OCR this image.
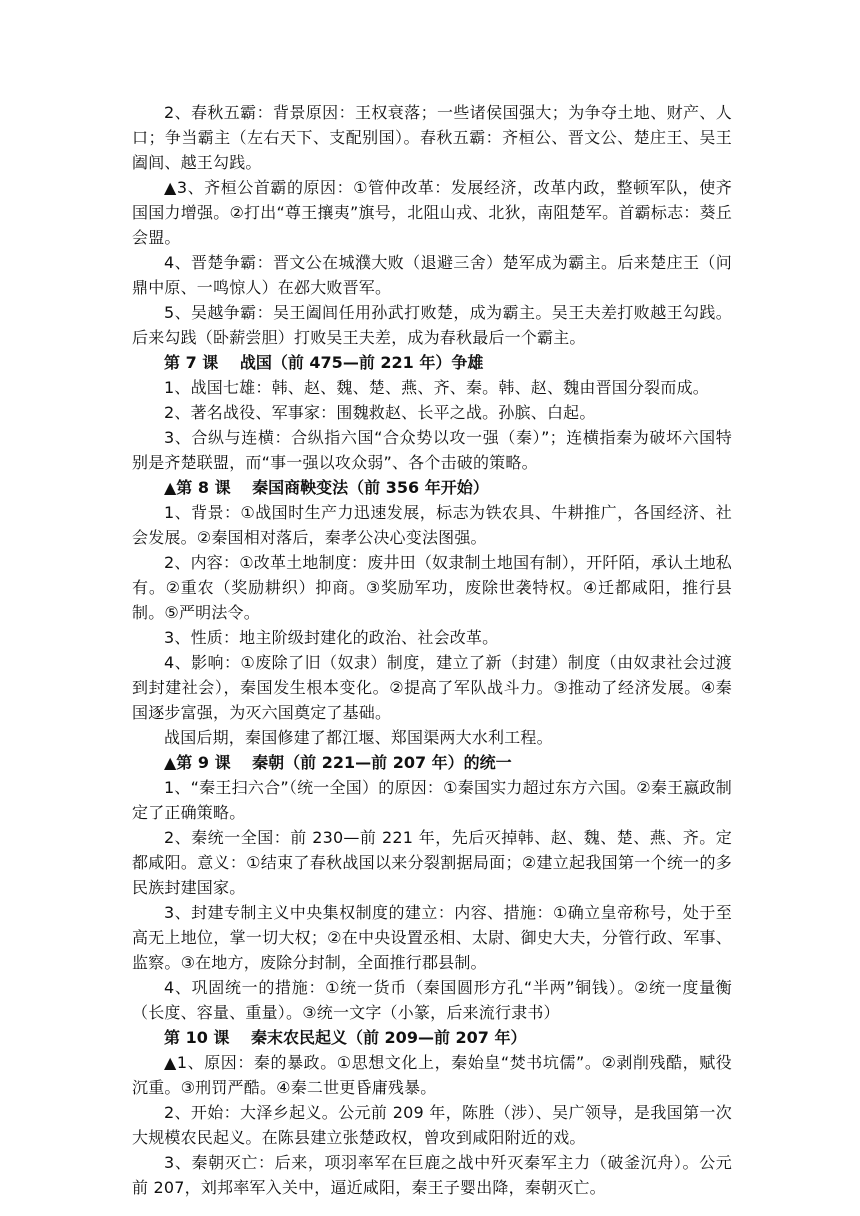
2、春秋五霸：背景原因：王权衰落；一些诸侯国强大；为争夺土地、财产、人口；争当霸主（左右天下、支配别国）。春秋五霸：齐桓公、晋文公、楚庄王、吴王阖闾、越王勾践。

▲3、齐桓公首霸的原因：①管仲改革：发展经济，改革内政，整顿军队，使齐国国力增强。②打出“尊王攘夷”旗号，北阻山戎、北狄，南阻楚军。首霸标志：葵丘会盟。

4、晋楚争霸：晋文公在城濮大败（退避三舍）楚军成为霸主。后来楚庄王（问鼎中原、一鸣惊人）在邲大败晋军。

5、吴越争霸：吴王阖闾任用孙武打败楚，成为霸主。吴王夫差打败越王勾践。后来勾践（卧薪尝胆）打败吴王夫差，成为春秋最后一个霸主。

第 7 课　 战国（前 475—前 221 年）争雄

1、战国七雄：韩、赵、魏、楚、燕、齐、秦。韩、赵、魏由晋国分裂而成。

2、著名战役、军事家：围魏救赵、长平之战。孙膑、白起。

3、合纵与连横：合纵指六国“合众势以攻一强（秦）”；连横指秦为破坏六国特别是齐楚联盟，而“事一强以攻众弱”、各个击破的策略。

▲第 8 课　 秦国商鞅变法（前 356 年开始）

1、背景：①战国时生产力迅速发展，标志为铁农具、牛耕推广，各国经济、社会发展。②秦国相对落后，秦孝公决心变法图强。

2、内容：①改革土地制度：废井田（奴隶制土地国有制），开阡陌，承认土地私有。②重农（奖励耕织）抑商。③奖励军功，废除世袭特权。④迁都咸阳，推行县制。⑤严明法令。

3、性质：地主阶级封建化的政治、社会改革。

4、影响：①废除了旧（奴隶）制度，建立了新（封建）制度（由奴隶社会过渡到封建社会），秦国发生根本变化。②提高了军队战斗力。③推动了经济发展。④秦国逐步富强，为灭六国奠定了基础。

战国后期，秦国修建了都江堰、郑国渠两大水利工程。

▲第 9 课　 秦朝（前 221—前 207 年）的统一

1、“秦王扫六合”（统一全国）的原因：①秦国实力超过东方六国。②秦王嬴政制定了正确策略。

2、秦统一全国：前 230—前 221 年，先后灭掉韩、赵、魏、楚、燕、齐。定都咸阳。意义：①结束了春秋战国以来分裂割据局面；②建立起我国第一个统一的多民族封建国家。

3、封建专制主义中央集权制度的建立：内容、措施：①确立皇帝称号，处于至高无上地位，掌一切大权；②在中央设置丞相、太尉、御史大夫，分管行政、军事、监察。③在地方，废除分封制，全面推行郡县制。

4、巩固统一的措施：①统一货币（秦国圆形方孔“半两”铜钱）。②统一度量衡（长度、容量、重量）。③统一文字（小篆，后来流行隶书）

第 10 课　 秦末农民起义（前 209—前 207 年）

▲1、原因：秦的暴政。①思想文化上，秦始皇“焚书坑儒”。②剥削残酷，赋役沉重。③刑罚严酷。④秦二世更昏庸残暴。

2、开始：大泽乡起义。公元前 209 年，陈胜（涉）、吴广领导，是我国第一次大规模农民起义。在陈县建立张楚政权，曾攻到咸阳附近的戏。

3、秦朝灭亡：后来，项羽率军在巨鹿之战中歼灭秦军主力（破釜沉舟）。公元前 207，刘邦率军入关中，逼近咸阳，秦王子婴出降，秦朝灭亡。
